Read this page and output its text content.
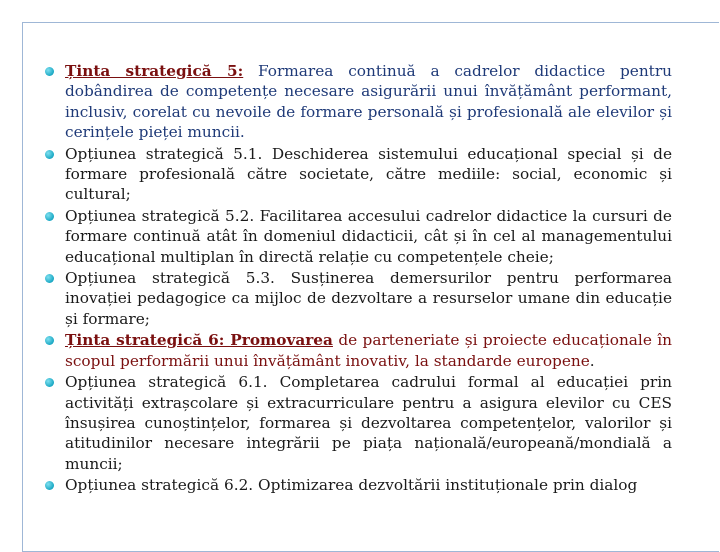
Ținta strategică 5: Formarea continuă a cadrelor didactice pentru dobândirea de competențe necesare asigurării unui învățământ performant, inclusiv, corelat cu nevoile de formare personală și profesională ale elevilor și cerințele pieței muncii.
Opțiunea strategică 5.1. Deschiderea sistemului educațional special și de formare profesională către societate, către mediile: social, economic și cultural;
Opțiunea strategică 5.2. Facilitarea accesului cadrelor didactice la cursuri de formare continuă atât în domeniul didacticii, cât și în cel al managementului educațional multiplan în directă relație cu competențele cheie;
Opțiunea strategică 5.3. Susținerea demersurilor pentru performarea inovației pedagogice ca mijloc de dezvoltare a resurselor umane din educație și formare;
Ținta strategică 6: Promovarea de parteneriate și proiecte educaționale în scopul performării unui învățământ inovativ, la standarde europene.
Opțiunea strategică 6.1. Completarea cadrului formal al educației prin activități extrașcolare și extracurriculare pentru a asigura elevilor cu CES însușirea cunoștințelor, formarea și dezvoltarea competențelor, valorilor și atitudinilor necesare integrării pe piața națională/europeană/mondială a muncii;
Opțiunea strategică 6.2. Optimizarea dezvoltării instituționale prin dialog
